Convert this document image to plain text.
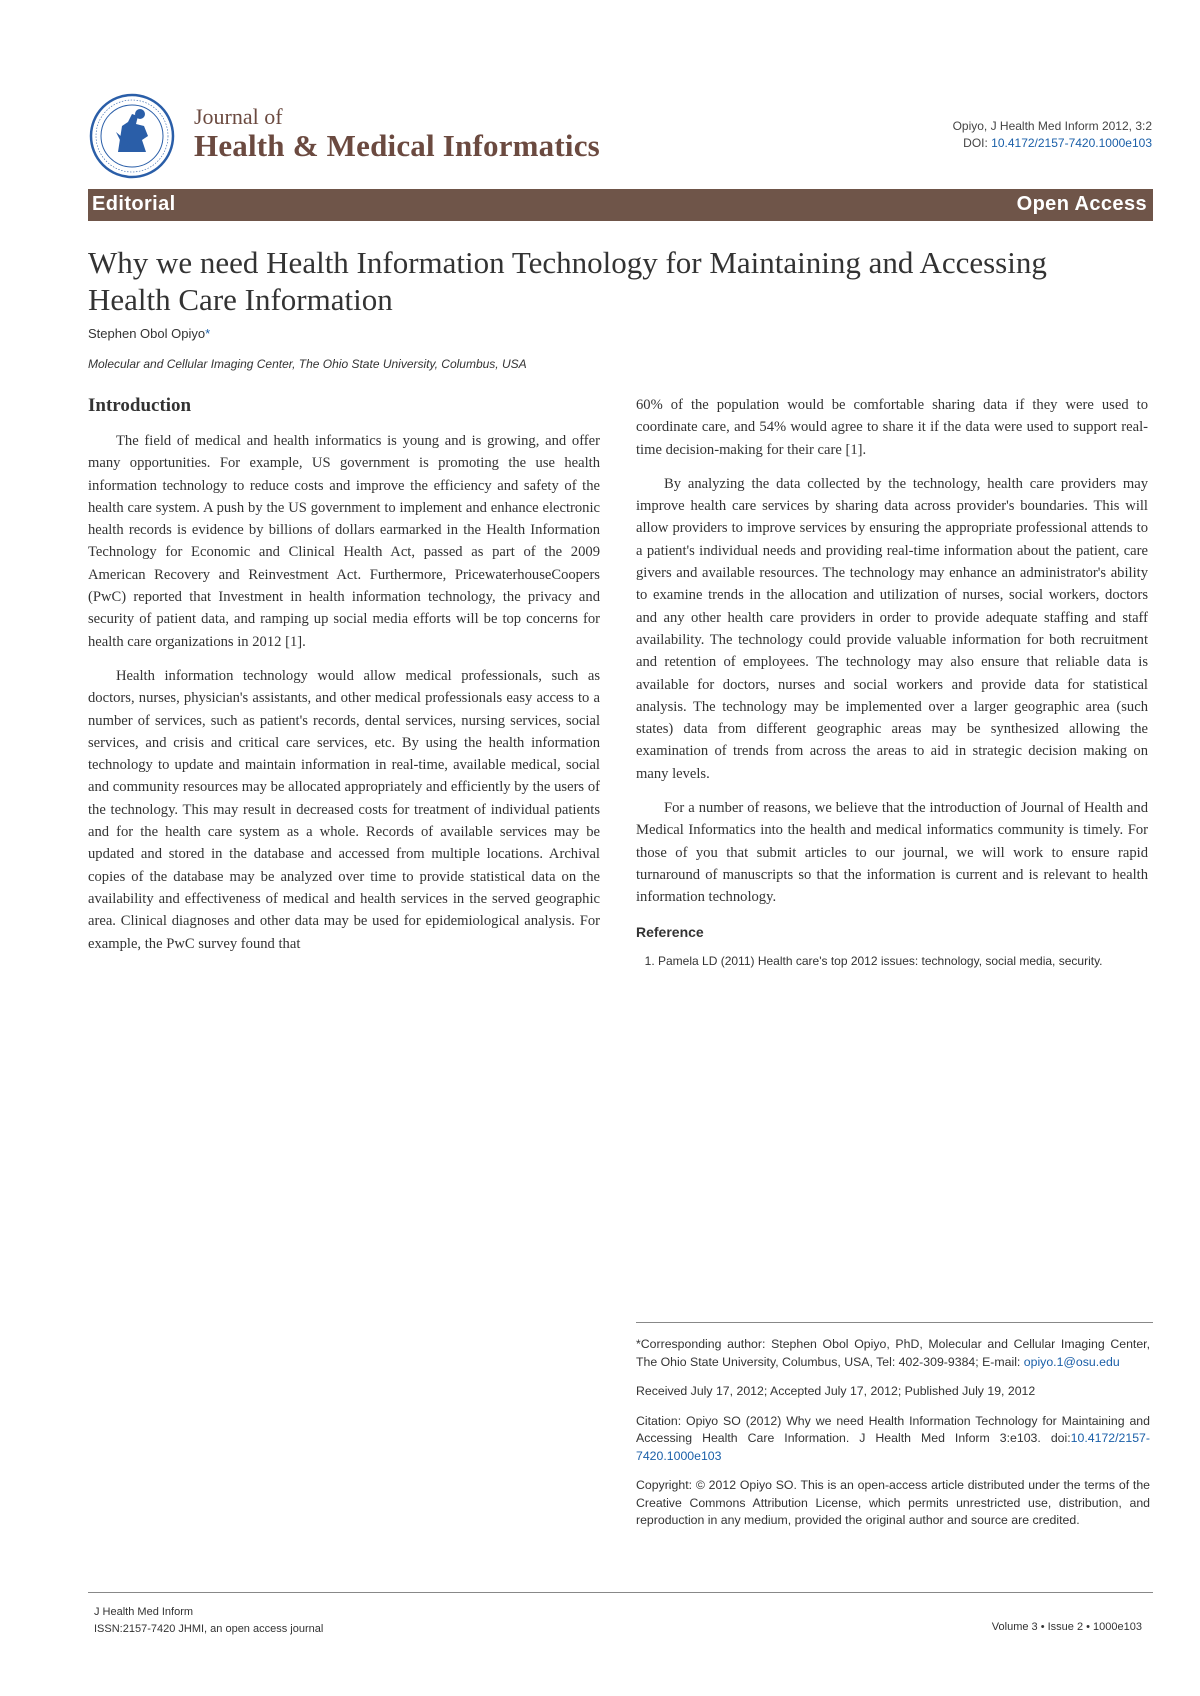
Journal of
Health & Medical Informatics
Opiyo, J Health Med Inform 2012, 3:2
DOI: 10.4172/2157-7420.1000e103
Editorial	Open Access
Why we need Health Information Technology for Maintaining and Accessing Health Care Information
Stephen Obol Opiyo*
Molecular and Cellular Imaging Center, The Ohio State University, Columbus, USA
Introduction

The field of medical and health informatics is young and is growing, and offer many opportunities. For example, US government is promoting the use health information technology to reduce costs and improve the efficiency and safety of the health care system. A push by the US government to implement and enhance electronic health records is evidence by billions of dollars earmarked in the Health Information Technology for Economic and Clinical Health Act, passed as part of the 2009 American Recovery and Reinvestment Act. Furthermore, PricewaterhouseCoopers (PwC) reported that Investment in health information technology, the privacy and security of patient data, and ramping up social media efforts will be top concerns for health care organizations in 2012 [1].

Health information technology would allow medical professionals, such as doctors, nurses, physician's assistants, and other medical professionals easy access to a number of services, such as patient's records, dental services, nursing services, social services, and crisis and critical care services, etc. By using the health information technology to update and maintain information in real-time, available medical, social and community resources may be allocated appropriately and efficiently by the users of the technology. This may result in decreased costs for treatment of individual patients and for the health care system as a whole. Records of available services may be updated and stored in the database and accessed from multiple locations. Archival copies of the database may be analyzed over time to provide statistical data on the availability and effectiveness of medical and health services in the served geographic area. Clinical diagnoses and other data may be used for epidemiological analysis. For example, the PwC survey found that

60% of the population would be comfortable sharing data if they were used to coordinate care, and 54% would agree to share it if the data were used to support real-time decision-making for their care [1].

By analyzing the data collected by the technology, health care providers may improve health care services by sharing data across provider's boundaries. This will allow providers to improve services by ensuring the appropriate professional attends to a patient's individual needs and providing real-time information about the patient, care givers and available resources. The technology may enhance an administrator's ability to examine trends in the allocation and utilization of nurses, social workers, doctors and any other health care providers in order to provide adequate staffing and staff availability. The technology could provide valuable information for both recruitment and retention of employees. The technology may also ensure that reliable data is available for doctors, nurses and social workers and provide data for statistical analysis. The technology may be implemented over a larger geographic area (such states) data from different geographic areas may be synthesized allowing the examination of trends from across the areas to aid in strategic decision making on many levels.

For a number of reasons, we believe that the introduction of Journal of Health and Medical Informatics into the health and medical informatics community is timely. For those of you that submit articles to our journal, we will work to ensure rapid turnaround of manuscripts so that the information is current and is relevant to health information technology.

Reference
1. Pamela LD (2011) Health care's top 2012 issues: technology, social media, security.

*Corresponding author: Stephen Obol Opiyo, PhD, Molecular and Cellular Imaging Center, The Ohio State University, Columbus, USA, Tel: 402-309-9384; E-mail: opiyo.1@osu.edu

Received July 17, 2012; Accepted July 17, 2012; Published July 19, 2012

Citation: Opiyo SO (2012) Why we need Health Information Technology for Maintaining and Accessing Health Care Information. J Health Med Inform 3:e103. doi:10.4172/2157-7420.1000e103

Copyright: © 2012 Opiyo SO. This is an open-access article distributed under the terms of the Creative Commons Attribution License, which permits unrestricted use, distribution, and reproduction in any medium, provided the original author and source are credited.

J Health Med Inform
ISSN:2157-7420 JHMI, an open access journal	Volume 3 • Issue 2 • 1000e103
